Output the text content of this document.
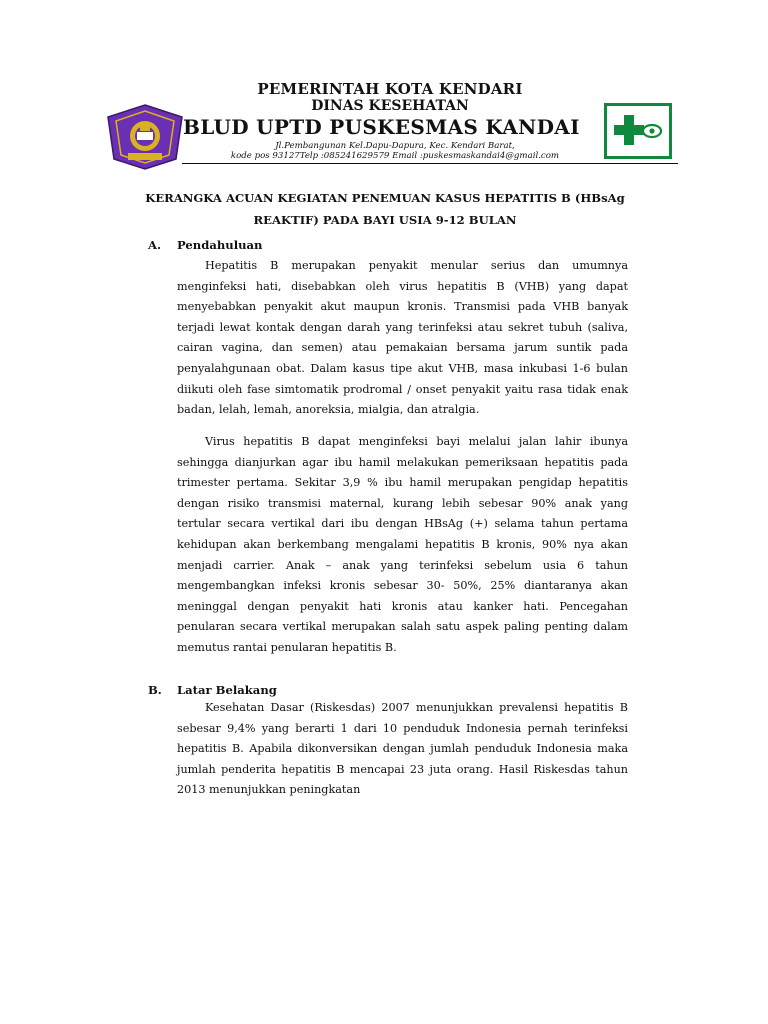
PEMERINTAH KOTA KENDARI
DINAS KESEHATAN
BLUD UPTD PUSKESMAS KANDAI
Jl.Pembangunan Kel.Dapu-Dapura, Kec. Kendari Barat,
kode pos 93127Telp :085241629579 Email :puskesmaskandai4@gmail.com
KERANGKA ACUAN KEGIATAN PENEMUAN KASUS HEPATITIS B (HBsAg
REAKTIF) PADA BAYI USIA 9-12 BULAN
A. Pendahuluan

Hepatitis B merupakan penyakit menular serius dan umumnya menginfeksi hati, disebabkan oleh virus hepatitis B (VHB) yang dapat menyebabkan penyakit akut maupun kronis. Transmisi pada VHB banyak terjadi lewat kontak dengan darah yang terinfeksi atau sekret tubuh (saliva, cairan vagina, dan semen) atau pemakaian bersama jarum suntik pada penyalahgunaan obat. Dalam kasus tipe akut VHB, masa inkubasi 1-6 bulan diikuti oleh fase simtomatik prodromal / onset penyakit yaitu rasa tidak enak badan, lelah, lemah, anoreksia, mialgia, dan atralgia.

Virus hepatitis B dapat menginfeksi bayi melalui jalan lahir ibunya sehingga dianjurkan agar ibu hamil melakukan pemeriksaan hepatitis pada trimester pertama. Sekitar 3,9 % ibu hamil merupakan pengidap hepatitis dengan risiko transmisi maternal, kurang lebih sebesar 90% anak yang tertular secara vertikal dari ibu dengan HBsAg (+) selama tahun pertama kehidupan akan berkembang mengalami hepatitis B kronis, 90% nya akan menjadi carrier. Anak – anak yang terinfeksi sebelum usia 6 tahun mengembangkan infeksi kronis sebesar 30- 50%, 25% diantaranya akan meninggal dengan penyakit hati kronis atau kanker hati. Pencegahan penularan secara vertikal merupakan salah satu aspek paling penting dalam memutus rantai penularan hepatitis B.

B. Latar Belakang

Kesehatan Dasar (Riskesdas) 2007 menunjukkan prevalensi hepatitis B sebesar 9,4% yang berarti 1 dari 10 penduduk Indonesia pernah terinfeksi hepatitis B. Apabila dikonversikan dengan jumlah penduduk Indonesia maka jumlah penderita hepatitis B mencapai 23 juta orang. Hasil Riskesdas tahun 2013 menunjukkan peningkatan
